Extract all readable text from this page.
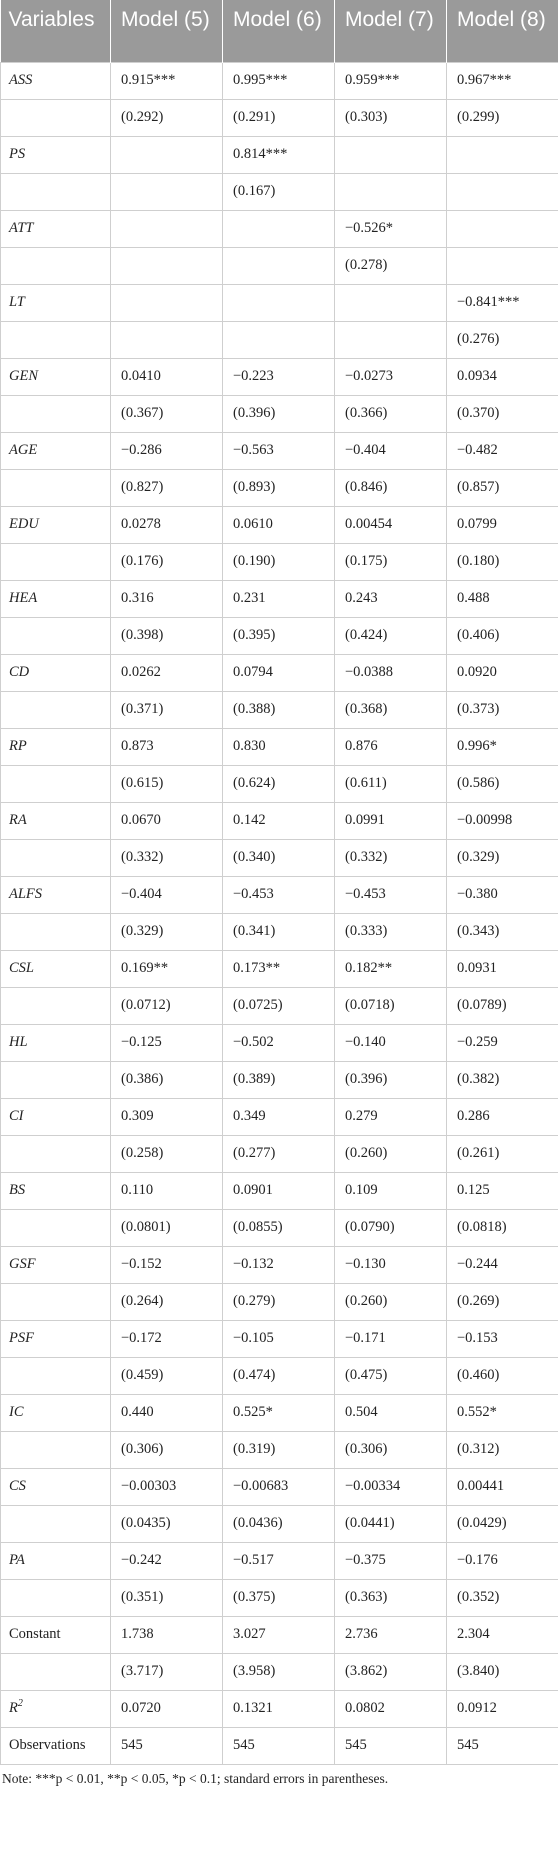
Variables	Model (5)	Model (6)	Model (7)	Model (8)
ASS	0.915***	0.995***	0.959***	0.967***
	(0.292)	(0.291)	(0.303)	(0.299)
PS		0.814***		
		(0.167)		
ATT			−0.526*	
			(0.278)	
LT				−0.841***
				(0.276)
GEN	0.0410	−0.223	−0.0273	0.0934
	(0.367)	(0.396)	(0.366)	(0.370)
AGE	−0.286	−0.563	−0.404	−0.482
	(0.827)	(0.893)	(0.846)	(0.857)
EDU	0.0278	0.0610	0.00454	0.0799
	(0.176)	(0.190)	(0.175)	(0.180)
HEA	0.316	0.231	0.243	0.488
	(0.398)	(0.395)	(0.424)	(0.406)
CD	0.0262	0.0794	−0.0388	0.0920
	(0.371)	(0.388)	(0.368)	(0.373)
RP	0.873	0.830	0.876	0.996*
	(0.615)	(0.624)	(0.611)	(0.586)
RA	0.0670	0.142	0.0991	−0.00998
	(0.332)	(0.340)	(0.332)	(0.329)
ALFS	−0.404	−0.453	−0.453	−0.380
	(0.329)	(0.341)	(0.333)	(0.343)
CSL	0.169**	0.173**	0.182**	0.0931
	(0.0712)	(0.0725)	(0.0718)	(0.0789)
HL	−0.125	−0.502	−0.140	−0.259
	(0.386)	(0.389)	(0.396)	(0.382)
CI	0.309	0.349	0.279	0.286
	(0.258)	(0.277)	(0.260)	(0.261)
BS	0.110	0.0901	0.109	0.125
	(0.0801)	(0.0855)	(0.0790)	(0.0818)
GSF	−0.152	−0.132	−0.130	−0.244
	(0.264)	(0.279)	(0.260)	(0.269)
PSF	−0.172	−0.105	−0.171	−0.153
	(0.459)	(0.474)	(0.475)	(0.460)
IC	0.440	0.525*	0.504	0.552*
	(0.306)	(0.319)	(0.306)	(0.312)
CS	−0.00303	−0.00683	−0.00334	0.00441
	(0.0435)	(0.0436)	(0.0441)	(0.0429)
PA	−0.242	−0.517	−0.375	−0.176
	(0.351)	(0.375)	(0.363)	(0.352)
Constant	1.738	3.027	2.736	2.304
	(3.717)	(3.958)	(3.862)	(3.840)
$R^2$	0.0720	0.1321	0.0802	0.0912
Observations	545	545	545	545
Note: ***p < 0.01, **p < 0.05, *p < 0.1; standard errors in parentheses.
